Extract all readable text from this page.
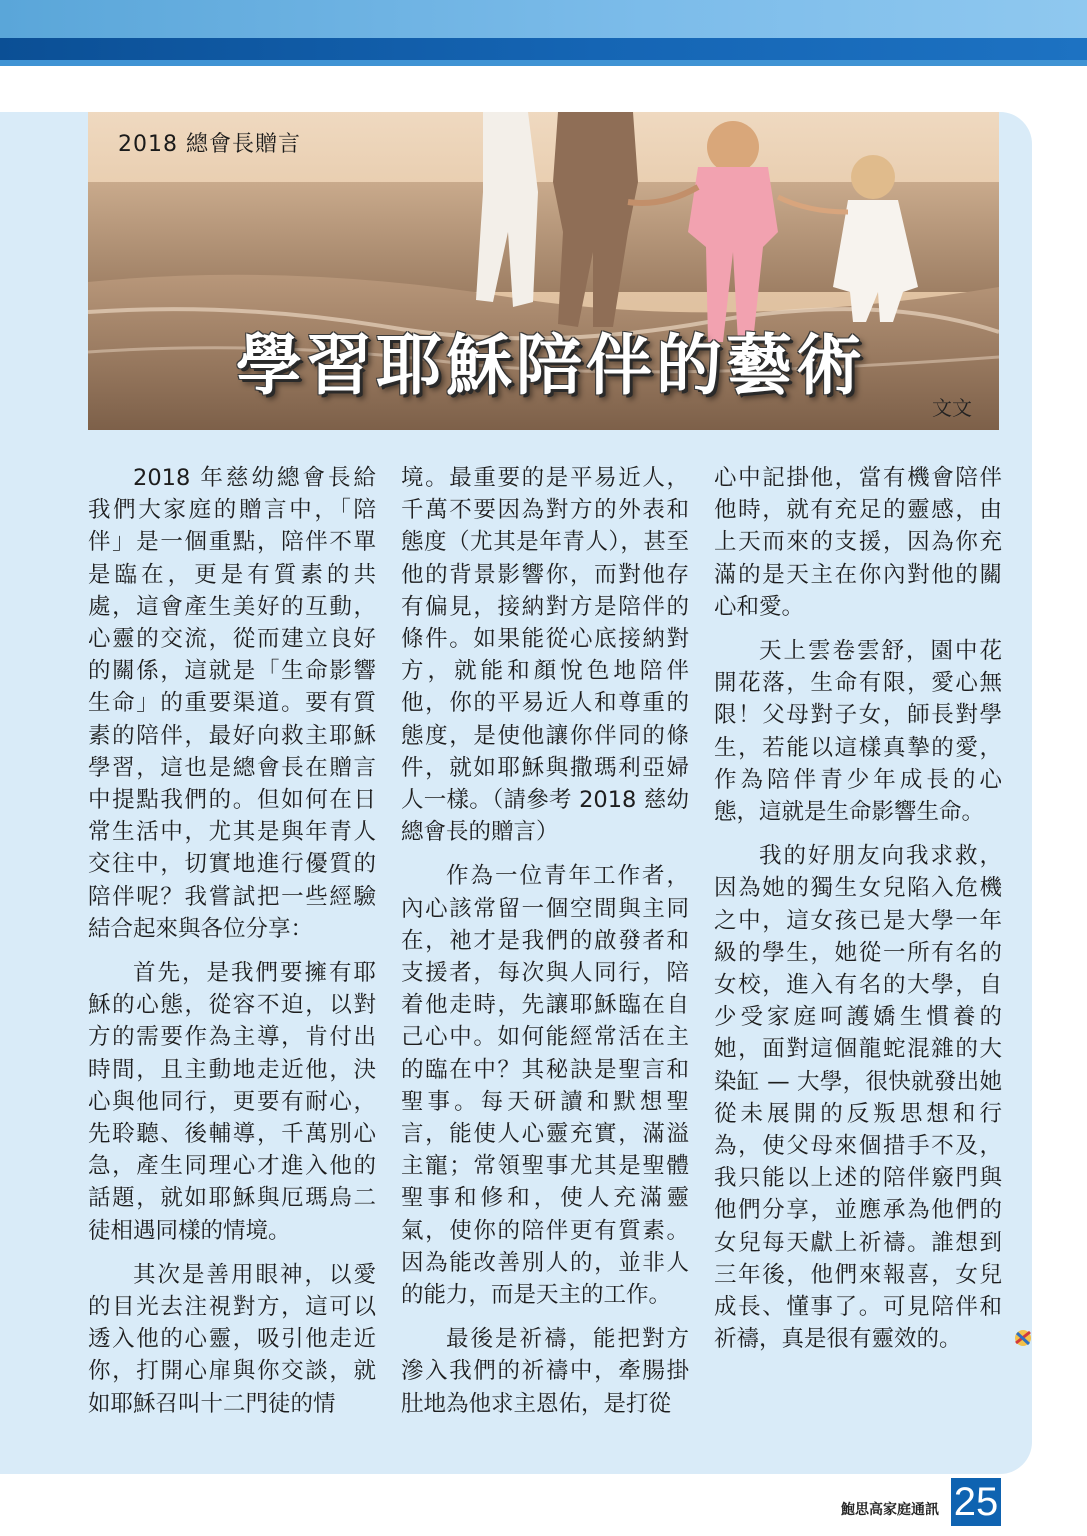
2018 總會長贈言
學習耶穌陪伴的藝術
文文

2018 年慈幼總會長給我們大家庭的贈言中，「陪伴」是一個重點，陪伴不單是臨在，更是有質素的共處，這會產生美好的互動，心靈的交流，從而建立良好的關係，這就是「生命影響生命」的重要渠道。要有質素的陪伴，最好向救主耶穌學習，這也是總會長在贈言中提點我們的。但如何在日常生活中，尤其是與年青人交往中，切實地進行優質的陪伴呢？我嘗試把一些經驗結合起來與各位分享：

首先，是我們要擁有耶穌的心態，從容不迫，以對方的需要作為主導，肯付出時間，且主動地走近他，決心與他同行，更要有耐心，先聆聽、後輔導，千萬別心急，產生同理心才進入他的話題，就如耶穌與厄瑪烏二徒相遇同樣的情境。

其次是善用眼神，以愛的目光去注視對方，這可以透入他的心靈，吸引他走近你，打開心扉與你交談，就如耶穌召叫十二門徒的情

境。最重要的是平易近人，千萬不要因為對方的外表和態度（尤其是年青人），甚至他的背景影響你，而對他存有偏見，接納對方是陪伴的條件。如果能從心底接納對方，就能和顏悅色地陪伴他，你的平易近人和尊重的態度，是使他讓你伴同的條件，就如耶穌與撒瑪利亞婦人一樣。（請參考 2018 慈幼總會長的贈言）

作為一位青年工作者，內心該常留一個空間與主同在，祂才是我們的啟發者和支援者，每次與人同行，陪着他走時，先讓耶穌臨在自己心中。如何能經常活在主的臨在中？其秘訣是聖言和聖事。每天研讀和默想聖言，能使人心靈充實，滿溢主寵；常領聖事尤其是聖體聖事和修和，使人充滿靈氣，使你的陪伴更有質素。因為能改善別人的，並非人的能力，而是天主的工作。

最後是祈禱，能把對方滲入我們的祈禱中，牽腸掛肚地為他求主恩佑，是打從

心中記掛他，當有機會陪伴他時，就有充足的靈感，由上天而來的支援，因為你充滿的是天主在你內對他的關心和愛。

天上雲卷雲舒，園中花開花落，生命有限，愛心無限！父母對子女，師長對學生，若能以這樣真摯的愛，作為陪伴青少年成長的心態，這就是生命影響生命。

我的好朋友向我求救，因為她的獨生女兒陷入危機之中，這女孩已是大學一年級的學生，她從一所有名的女校，進入有名的大學，自少受家庭呵護嬌生慣養的她，面對這個龍蛇混雜的大染缸 — 大學，很快就發出她從未展開的反叛思想和行為，使父母來個措手不及，我只能以上述的陪伴竅門與他們分享，並應承為他們的女兒每天獻上祈禱。誰想到三年後，他們來報喜，女兒成長、懂事了。可見陪伴和祈禱，真是很有靈效的。

鮑思高家庭通訊 25
